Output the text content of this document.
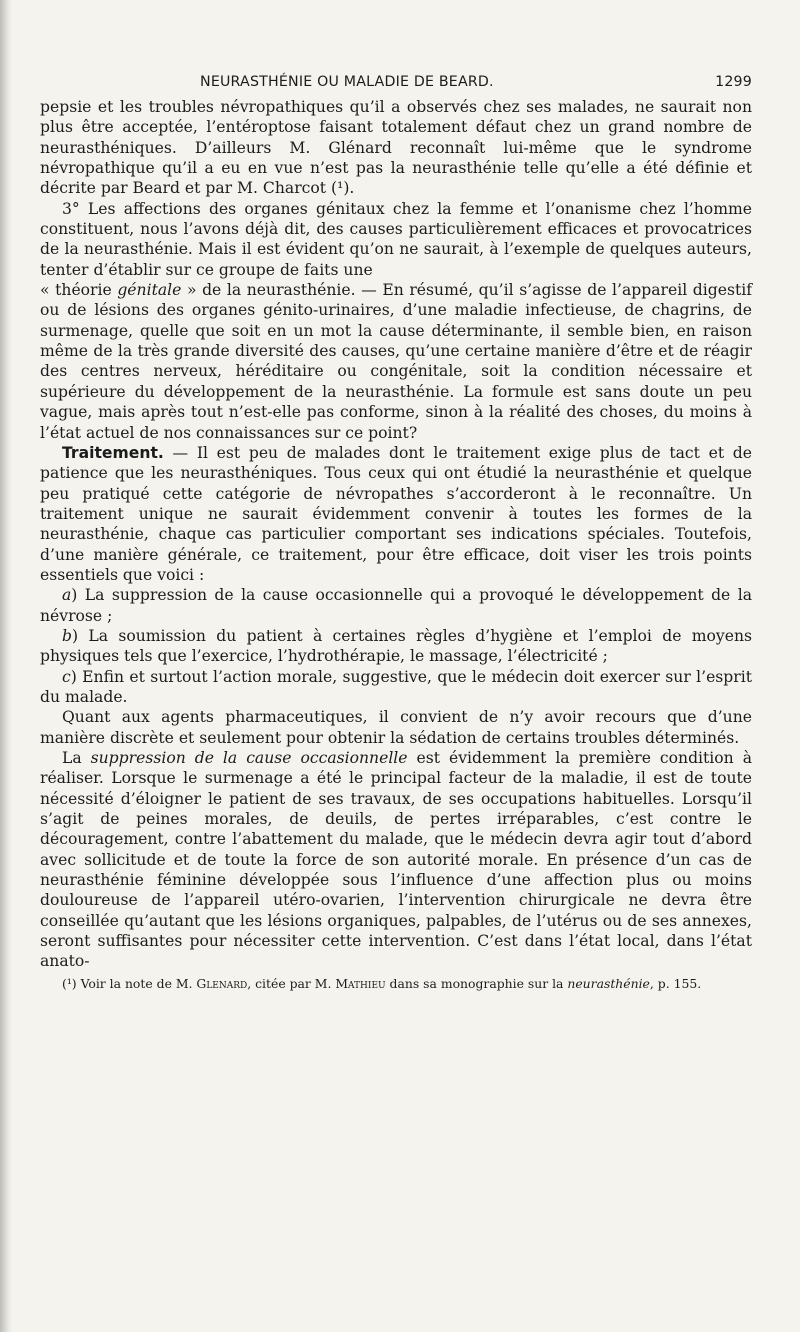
NEURASTHÉNIE OU MALADIE DE BEARD.	1299

pepsie et les troubles névropathiques qu’il a observés chez ses malades, ne saurait non plus être acceptée, l’entéroptose faisant totalement défaut chez un grand nombre de neurasthéniques. D’ailleurs M. Glénard reconnaît lui-même que le syndrome névropathique qu’il a eu en vue n’est pas la neurasthénie telle qu’elle a été définie et décrite par Beard et par M. Charcot (¹).

3° Les affections des organes génitaux chez la femme et l’onanisme chez l’homme constituent, nous l’avons déjà dit, des causes particulièrement efficaces et provocatrices de la neurasthénie. Mais il est évident qu’on ne saurait, à l’exemple de quelques auteurs, tenter d’établir sur ce groupe de faits une

« théorie génitale » de la neurasthénie. — En résumé, qu’il s’agisse de l’appareil digestif ou de lésions des organes génito-urinaires, d’une maladie infectieuse, de chagrins, de surmenage, quelle que soit en un mot la cause déterminante, il semble bien, en raison même de la très grande diversité des causes, qu’une certaine manière d’être et de réagir des centres nerveux, héréditaire ou congénitale, soit la condition nécessaire et supérieure du développement de la neurasthénie. La formule est sans doute un peu vague, mais après tout n’est-elle pas conforme, sinon à la réalité des choses, du moins à l’état actuel de nos connaissances sur ce point?

Traitement. — Il est peu de malades dont le traitement exige plus de tact et de patience que les neurasthéniques. Tous ceux qui ont étudié la neurasthénie et quelque peu pratiqué cette catégorie de névropathes s’accorderont à le reconnaître. Un traitement unique ne saurait évidemment convenir à toutes les formes de la neurasthénie, chaque cas particulier comportant ses indications spéciales. Toutefois, d’une manière générale, ce traitement, pour être efficace, doit viser les trois points essentiels que voici :

a) La suppression de la cause occasionnelle qui a provoqué le développement de la névrose ;

b) La soumission du patient à certaines règles d’hygiène et l’emploi de moyens physiques tels que l’exercice, l’hydrothérapie, le massage, l’électricité ;

c) Enfin et surtout l’action morale, suggestive, que le médecin doit exercer sur l’esprit du malade.

Quant aux agents pharmaceutiques, il convient de n’y avoir recours que d’une manière discrète et seulement pour obtenir la sédation de certains troubles déterminés.

La suppression de la cause occasionnelle est évidemment la première condition à réaliser. Lorsque le surmenage a été le principal facteur de la maladie, il est de toute nécessité d’éloigner le patient de ses travaux, de ses occupations habituelles. Lorsqu’il s’agit de peines morales, de deuils, de pertes irréparables, c’est contre le découragement, contre l’abattement du malade, que le médecin devra agir tout d’abord avec sollicitude et de toute la force de son autorité morale. En présence d’un cas de neurasthénie féminine développée sous l’influence d’une affection plus ou moins douloureuse de l’appareil utéro-ovarien, l’intervention chirurgicale ne devra être conseillée qu’autant que les lésions organiques, palpables, de l’utérus ou de ses annexes, seront suffisantes pour nécessiter cette intervention. C’est dans l’état local, dans l’état anato-

(¹) Voir la note de M. Glenard, citée par M. Mathieu dans sa monographie sur la neurasthénie, p. 155.
